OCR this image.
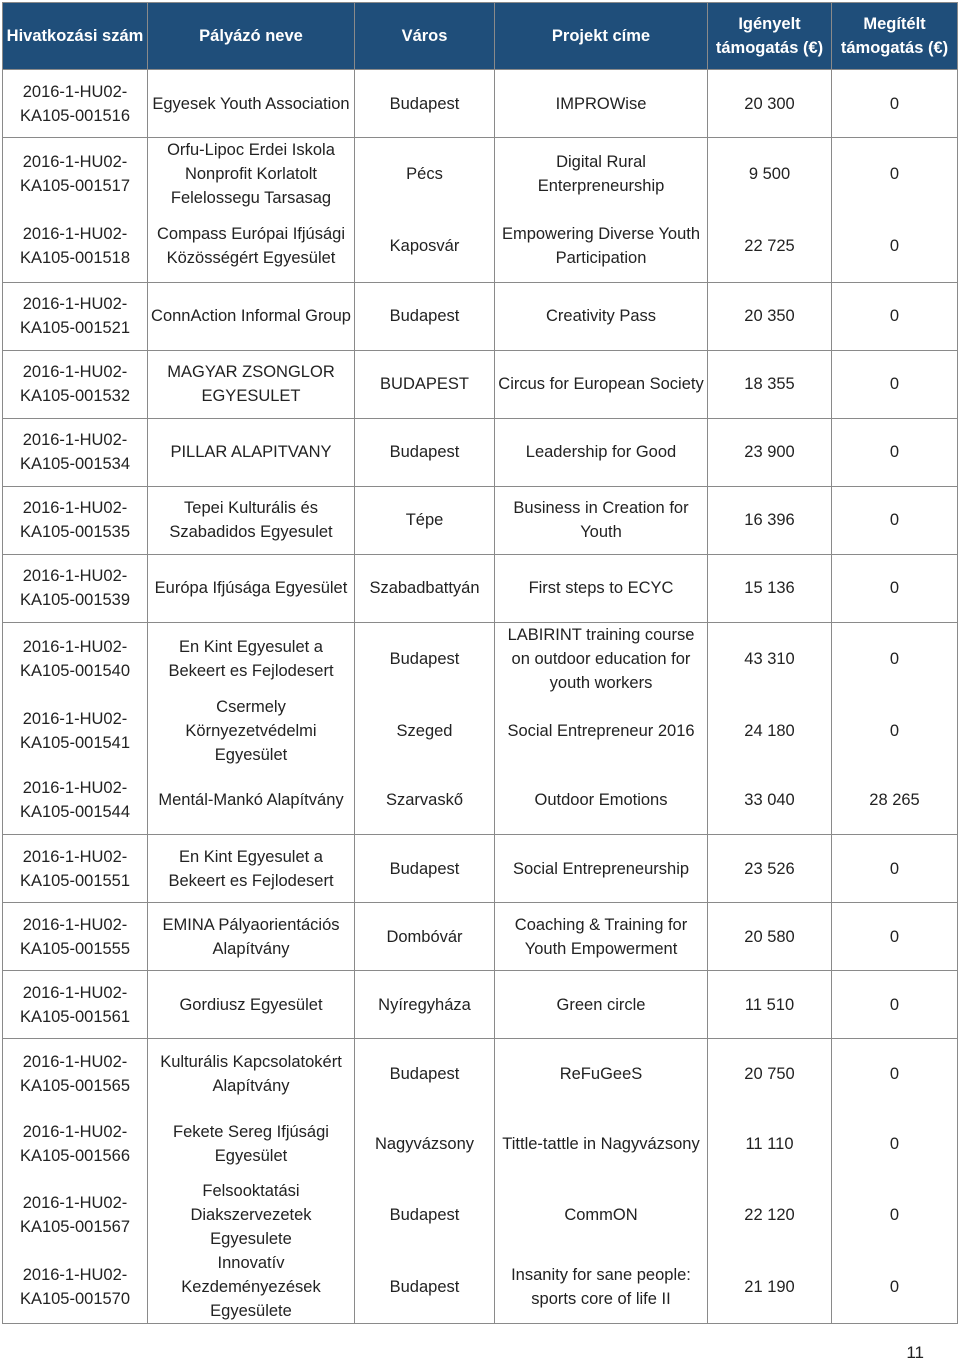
Hivatkozási szám	Pályázó neve	Város	Projekt címe	Igényelt támogatás (€)	Megítélt támogatás (€)
2016-1-HU02-KA105-001516	Egyesek Youth Association	Budapest	IMPROWise	20 300	0
2016-1-HU02-KA105-001517	Orfu-Lipoc Erdei Iskola Nonprofit Korlatolt Felelossegu Tarsasag	Pécs	Digital Rural Enterpreneurship	9 500	0
2016-1-HU02-KA105-001518	Compass Európai Ifjúsági Közösségért Egyesület	Kaposvár	Empowering Diverse Youth Participation	22 725	0
2016-1-HU02-KA105-001521	ConnAction Informal Group	Budapest	Creativity Pass	20 350	0
2016-1-HU02-KA105-001532	MAGYAR ZSONGLOR EGYESULET	BUDAPEST	Circus for European Society	18 355	0
2016-1-HU02-KA105-001534	PILLAR ALAPITVANY	Budapest	Leadership for Good	23 900	0
2016-1-HU02-KA105-001535	Tepei Kulturális és Szabadidos Egyesulet	Tépe	Business in Creation for Youth	16 396	0
2016-1-HU02-KA105-001539	Európa Ifjúsága Egyesület	Szabadbattyán	First steps to ECYC	15 136	0
2016-1-HU02-KA105-001540	En Kint Egyesulet a Bekeert es Fejlodesert	Budapest	LABIRINT training course on outdoor education for youth workers	43 310	0
2016-1-HU02-KA105-001541	Csermely Környezetvédelmi Egyesület	Szeged	Social Entrepreneur 2016	24 180	0
2016-1-HU02-KA105-001544	Mentál-Mankó Alapítvány	Szarvaskő	Outdoor Emotions	33 040	28 265
2016-1-HU02-KA105-001551	En Kint Egyesulet a Bekeert es Fejlodesert	Budapest	Social Entrepreneurship	23 526	0
2016-1-HU02-KA105-001555	EMINA Pályaorientációs Alapítvány	Dombóvár	Coaching & Training for Youth Empowerment	20 580	0
2016-1-HU02-KA105-001561	Gordiusz Egyesület	Nyíregyháza	Green circle	11 510	0
2016-1-HU02-KA105-001565	Kulturális Kapcsolatokért Alapítvány	Budapest	ReFuGeeS	20 750	0
2016-1-HU02-KA105-001566	Fekete Sereg Ifjúsági Egyesület	Nagyvázsony	Tittle-tattle in Nagyvázsony	11 110	0
2016-1-HU02-KA105-001567	Felsooktatási Diakszervezetek Egyesulete	Budapest	CommON	22 120	0
2016-1-HU02-KA105-001570	Innovatív Kezdeményezések Egyesülete	Budapest	Insanity for sane people: sports core of life II	21 190	0
11
